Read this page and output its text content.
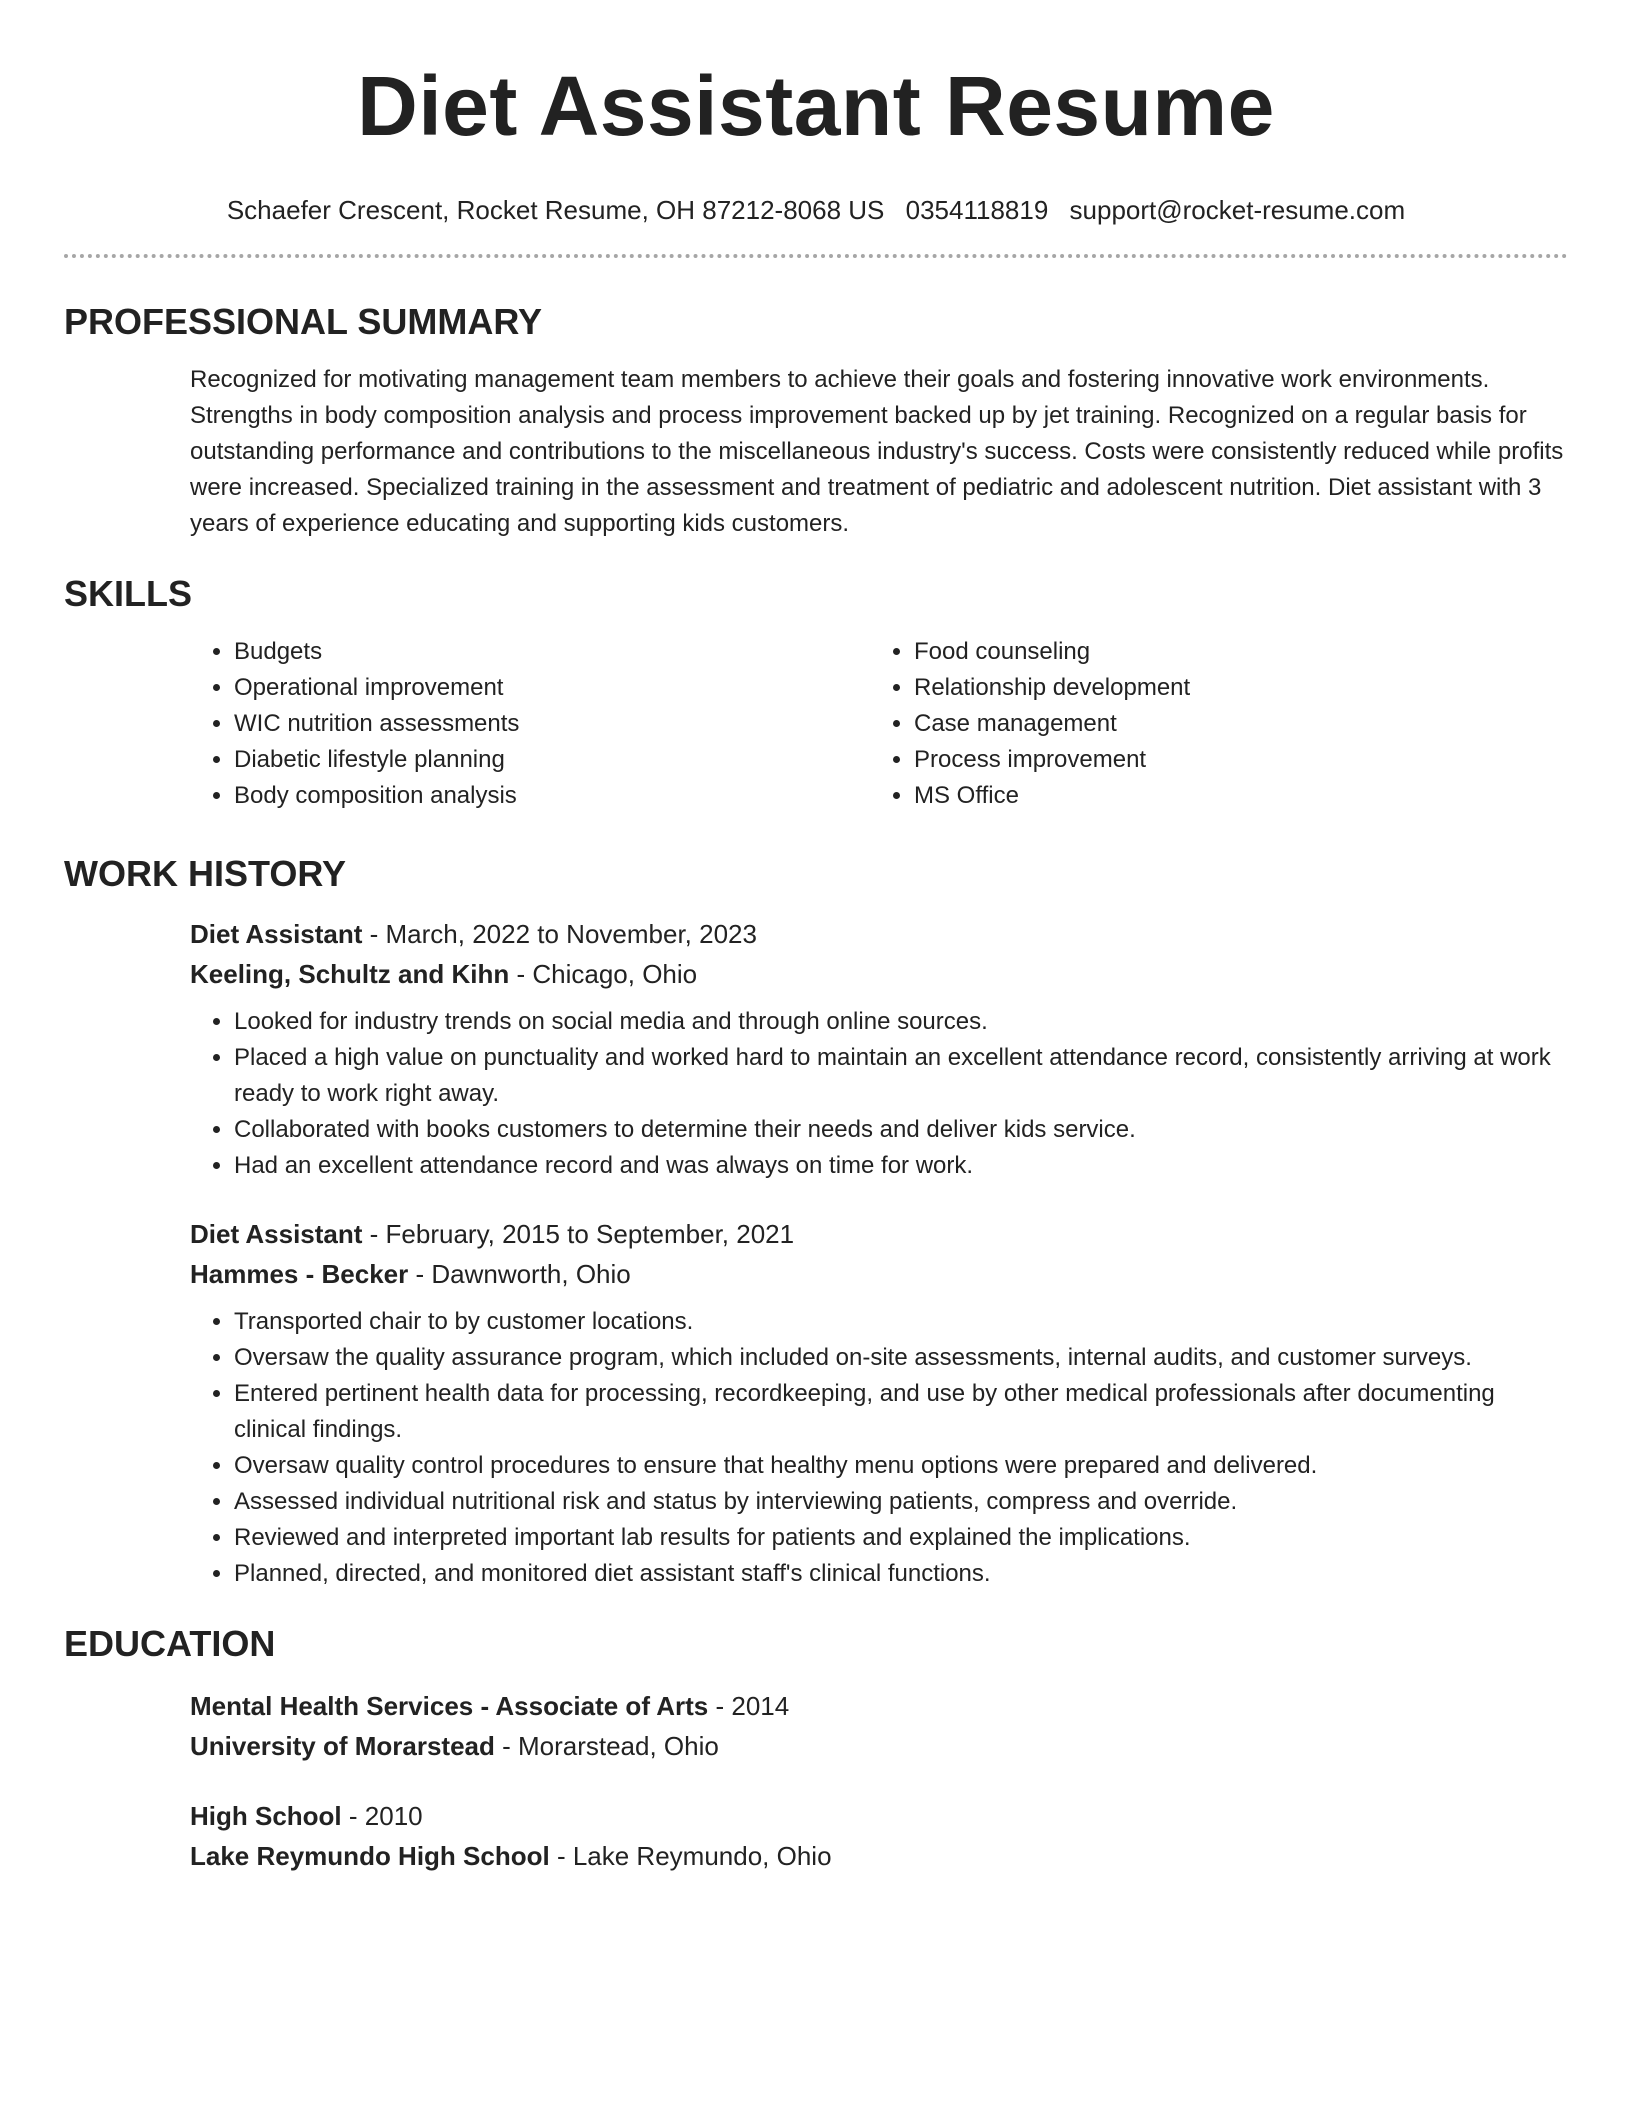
Diet Assistant Resume
Schaefer Crescent, Rocket Resume, OH 87212-8068 US 0354118819 support@rocket-resume.com
PROFESSIONAL SUMMARY

Recognized for motivating management team members to achieve their goals and fostering innovative work environments. Strengths in body composition analysis and process improvement backed up by jet training. Recognized on a regular basis for outstanding performance and contributions to the miscellaneous industry's success. Costs were consistently reduced while profits were increased. Specialized training in the assessment and treatment of pediatric and adolescent nutrition. Diet assistant with 3 years of experience educating and supporting kids customers.

SKILLS
• Budgets
• Operational improvement
• WIC nutrition assessments
• Diabetic lifestyle planning
• Body composition analysis
• Food counseling
• Relationship development
• Case management
• Process improvement
• MS Office
WORK HISTORY
Diet Assistant - March, 2022 to November, 2023
Keeling, Schultz and Kihn - Chicago, Ohio
• Looked for industry trends on social media and through online sources.
• Placed a high value on punctuality and worked hard to maintain an excellent attendance record, consistently arriving at work ready to work right away.
• Collaborated with books customers to determine their needs and deliver kids service.
• Had an excellent attendance record and was always on time for work.
Diet Assistant - February, 2015 to September, 2021
Hammes - Becker - Dawnworth, Ohio
• Transported chair to by customer locations.
• Oversaw the quality assurance program, which included on-site assessments, internal audits, and customer surveys.
• Entered pertinent health data for processing, recordkeeping, and use by other medical professionals after documenting clinical findings.
• Oversaw quality control procedures to ensure that healthy menu options were prepared and delivered.
• Assessed individual nutritional risk and status by interviewing patients, compress and override.
• Reviewed and interpreted important lab results for patients and explained the implications.
• Planned, directed, and monitored diet assistant staff's clinical functions.
EDUCATION
Mental Health Services - Associate of Arts - 2014
University of Morarstead - Morarstead, Ohio
High School - 2010
Lake Reymundo High School - Lake Reymundo, Ohio
